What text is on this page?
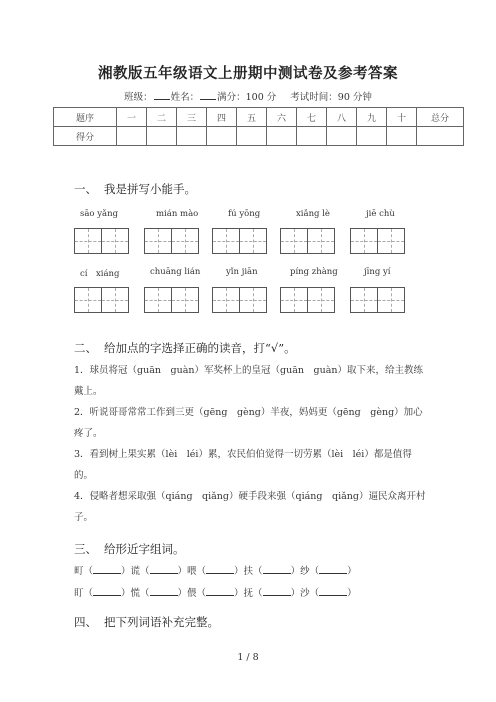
湘教版五年级语文上册期中测试卷及参考答案
班级： 姓名： 满分：100 分 考试时间：90 分钟
题序	一	二	三	四	五	六	七	八	九	十	总分
得分											
一、 我是拼写小能手。
sāo yǎng	mián mào	fú yōng	xiǎng lè	jiē chù
cí　xiáng	chuāng lián	yǐn jiān	píng zhàng	jīng yí
二、 给加点的字选择正确的读音，打“√”。
1．球员将冠（guān　guàn）军奖杯上的皇冠（guān　guàn）取下来，给主教练
戴上。
2．听说哥哥常常工作到三更（gēng　gèng）半夜，妈妈更（gēng　gèng）加心
疼了。
3．看到树上果实累（lèi　léi）累，农民伯伯觉得一切劳累（lèi　léi）都是值得
的。
4．侵略者想采取强（qiáng　qiǎng）硬手段来强（qiáng　qiǎng）逼民众离开村
子。
三、 给形近字组词。
町（	）谎（	）喂（	）扶（	）纱（	）
盯（	）慌（	）偎（	）抚（	）沙（	）
四、 把下列词语补充完整。
1 / 8
